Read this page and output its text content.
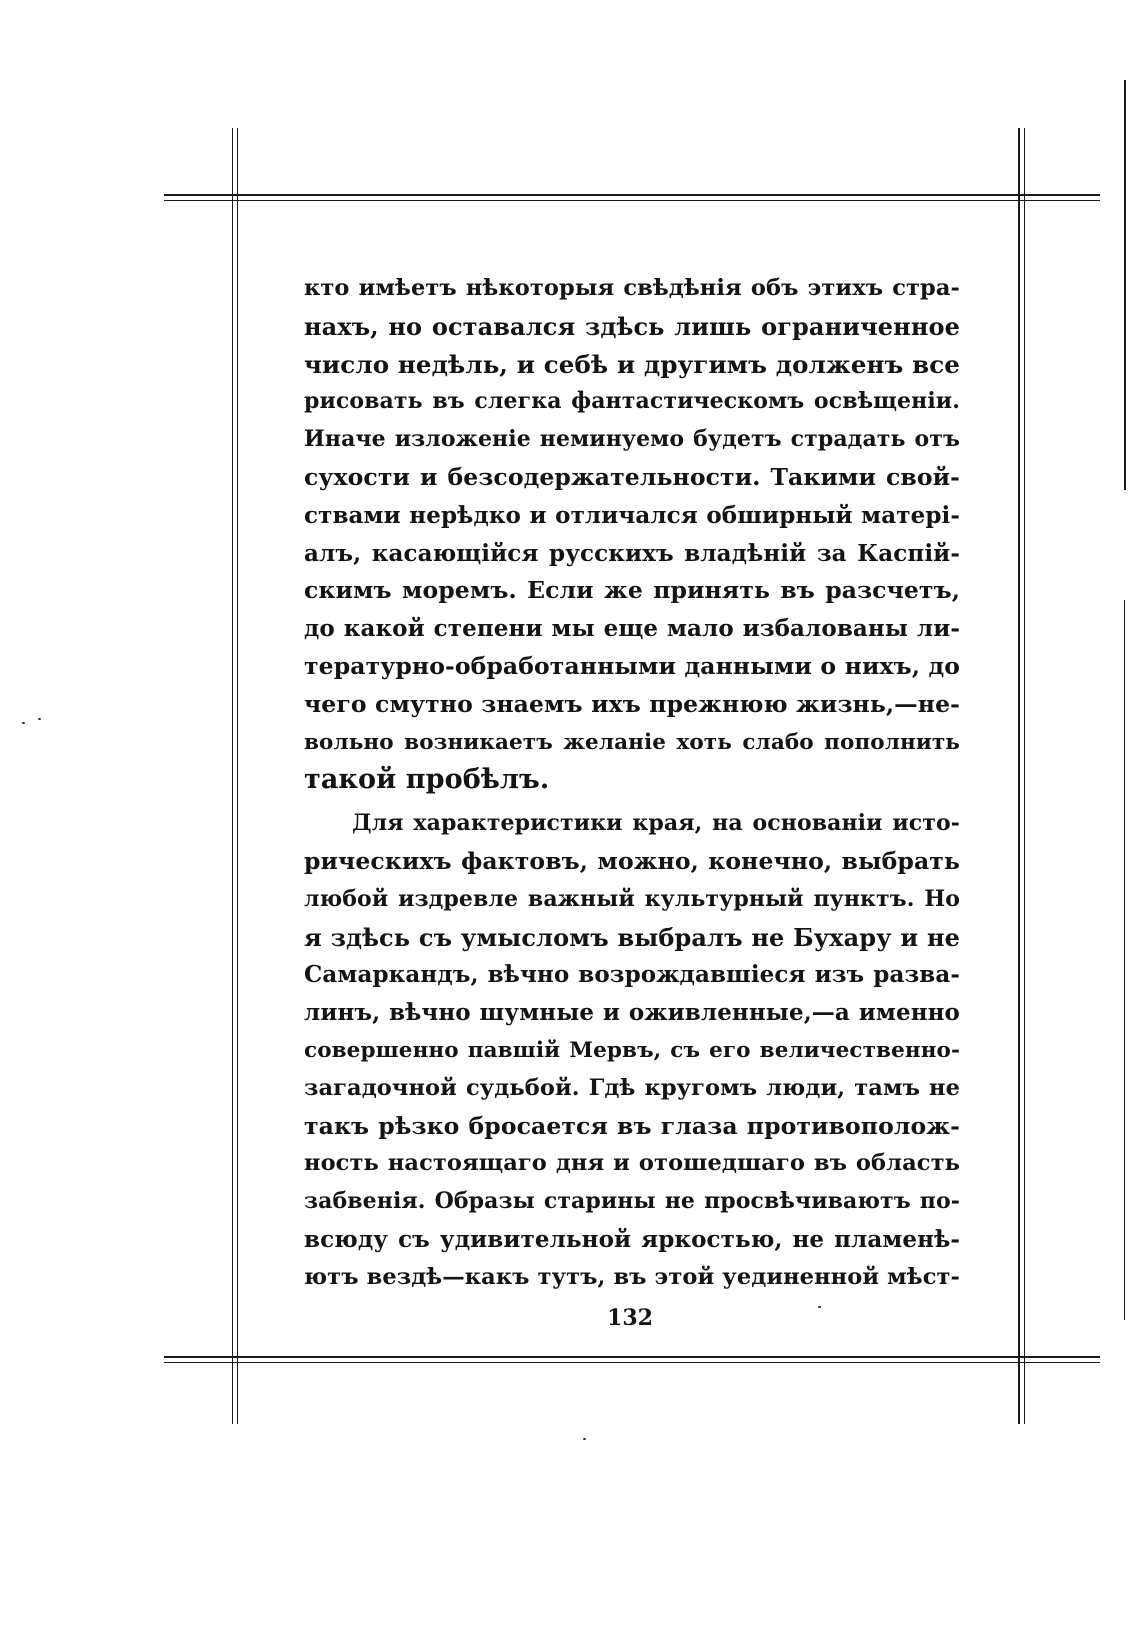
кто имѣетъ нѣкоторыя свѣдѣнія объ этихъ стра-
нахъ, но оставался здѣсь лишь ограниченное
число недѣль, и себѣ и другимъ долженъ все
рисовать въ слегка фантастическомъ освѣщеніи.
Иначе изложеніе неминуемо будетъ страдать отъ
сухости и безсодержательности. Такими свой-
ствами нерѣдко и отличался обширный матері-
алъ, касающійся русскихъ владѣній за Каспій-
скимъ моремъ. Если же принять въ разсчетъ,
до какой степени мы еще мало избалованы ли-
тературно-обработанными данными о нихъ, до
чего смутно знаемъ ихъ прежнюю жизнь,—не-
вольно возникаетъ желаніе хоть слабо пополнить
такой пробѣлъ.

Для характеристики края, на основаніи исто-
рическихъ фактовъ, можно, конечно, выбрать
любой издревле важный культурный пунктъ. Но
я здѣсь съ умысломъ выбралъ не Бухару и не
Самаркандъ, вѣчно возрождавшіеся изъ разва-
линъ, вѣчно шумные и оживленные,—а именно
совершенно павшій Мервъ, съ его величественно-
загадочной судьбой. Гдѣ кругомъ люди, тамъ не
такъ рѣзко бросается въ глаза противополож-
ность настоящаго дня и отошедшаго въ область
забвенія. Образы старины не просвѣчиваютъ по-
всюду съ удивительной яркостью, не пламенѣ-
ютъ вездѣ—какъ тутъ, въ этой уединенной мѣст-

132
